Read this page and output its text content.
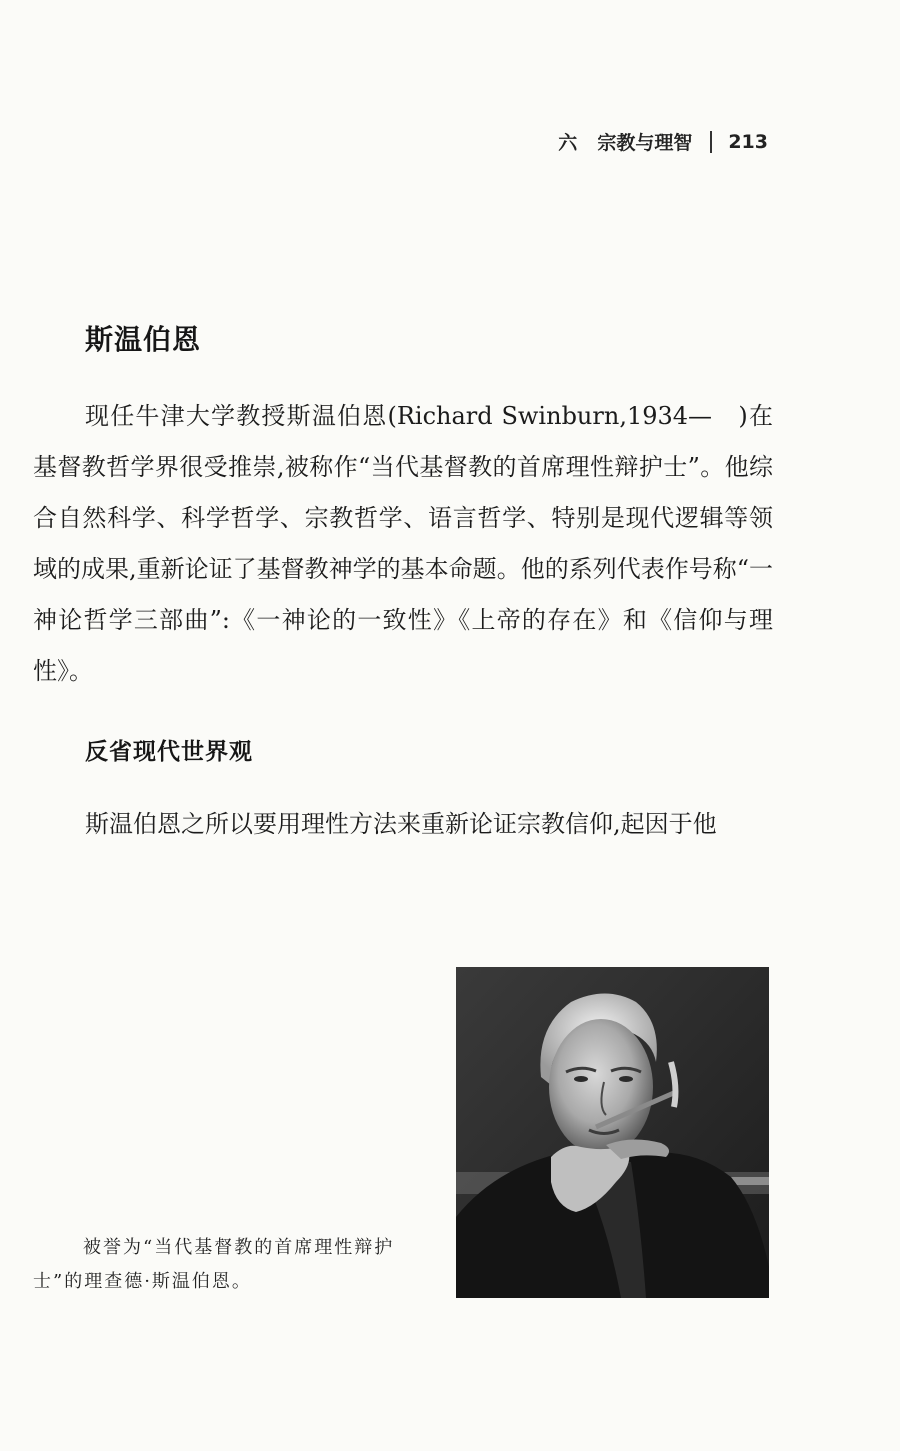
六 宗教与理智 213
斯温伯恩

现任牛津大学教授斯温伯恩(Richard Swinburn,1934—　)在基督教哲学界很受推崇,被称作“当代基督教的首席理性辩护士”。他综合自然科学、科学哲学、宗教哲学、语言哲学、特别是现代逻辑等领域的成果,重新论证了基督教神学的基本命题。他的系列代表作号称“一神论哲学三部曲”:《一神论的一致性》《上帝的存在》和《信仰与理性》。

反省现代世界观

斯温伯恩之所以要用理性方法来重新论证宗教信仰,起因于他

被誉为“当代基督教的首席理性辩护士”的理查德·斯温伯恩。
